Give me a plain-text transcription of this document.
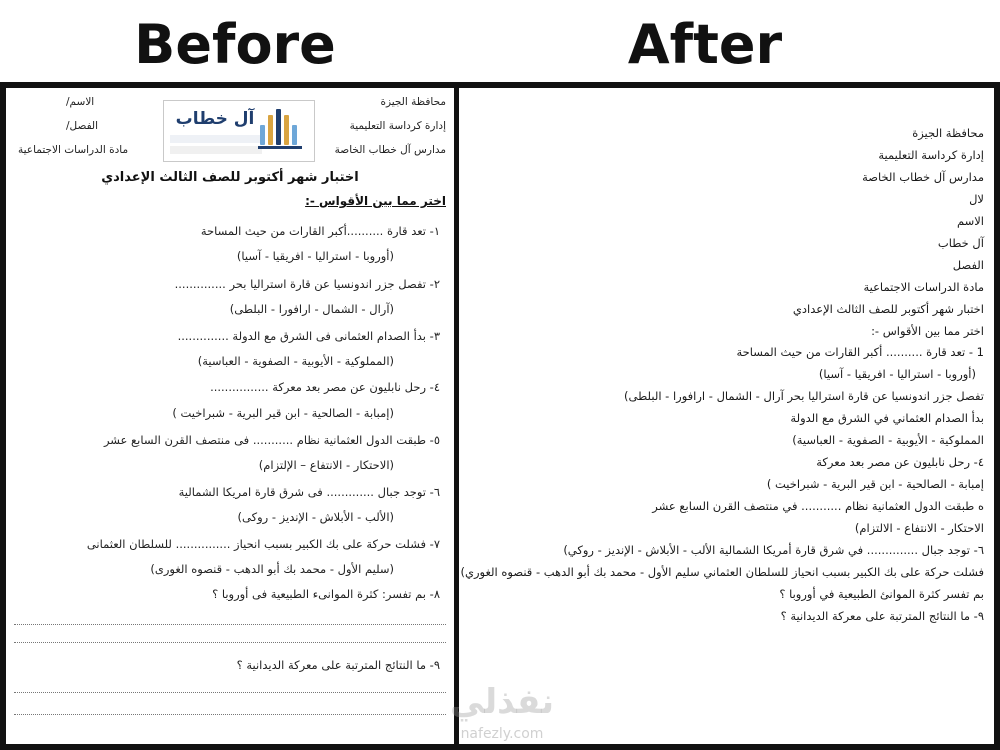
Before	After
محافظة الجيزة
إدارة كرداسة التعليمية
مدارس آل خطاب الخاصة
الاسم/
الفصل/
مادة الدراسات الاجتماعية
آل خطاب
اختبار شهر أكتوبر للصف الثالث الإعدادي
اختر مما بين الأقواس -:
١- تعد قارة ..........أكبر القارات من حيث المساحة
(أوروبا - استراليا - افريقيا - آسيا)
٢- تفصل جزر اندونسيا عن قارة استراليا بحر ..............
(آرال - الشمال - ارافورا - البلطى)
٣- بدأ الصدام العثمانى فى الشرق مع الدولة ..............
(المملوكية - الأيوبية - الصفوية - العباسية)
٤- رحل نابليون عن مصر بعد معركة ................
(إمبابة - الصالحية - ابن قير البرية - شبراخيت )
٥- طبقت الدول العثمانية نظام ........... فى منتصف القرن السابع عشر
(الاحتكار - الانتفاع – الإلتزام)
٦- توجد جبال ............. فى شرق قارة امريكا الشمالية
(الألب - الأبلاش - الإنديز - روكى)
٧- فشلت حركة على بك الكبير بسبب انحياز ............... للسلطان العثمانى
(سليم الأول - محمد بك أبو الدهب - قنصوه الغورى)
٨- بم تفسر: كثرة الموانىء الطبيعية فى أوروبا ؟
٩- ما النتائج المترتبة على معركة الديدانية ؟
محافظة الجيزة
إدارة كرداسة التعليمية
مدارس آل خطاب الخاصة
لال
الاسم
آل خطاب
الفصل
مادة الدراسات الاجتماعية
اختبار شهر أكتوبر للصف الثالث الإعدادي
اختر مما بين الأقواس -:
1 - تعد قارة .......... أكبر القارات من حيث المساحة
(أوروبا - استراليا - افريقيا - آسيا)
تفصل جزر اندونسيا عن قارة استراليا بحر آرال - الشمال - ارافورا - البلطى)
بدأ الصدام العثماني في الشرق مع الدولة
المملوكية - الأيوبية - الصفوية - العباسية)
٤- رحل نابليون عن مصر بعد معركة
إمبابة - الصالحية - ابن قير البرية - شبراخيت )
ه طبقت الدول العثمانية نظام ........... في منتصف القرن السابع عشر
الاحتكار - الانتفاع - الالتزام)
٦- توجد جبال .............. في شرق قارة أمريكا الشمالية الألب - الأبلاش - الإنديز - روكي)
فشلت حركة على بك الكبير بسبب انحياز للسلطان العثماني سليم الأول - محمد بك أبو الدهب - قنصوه الغوري)
بم تفسر كثرة الموانئ الطبيعية في أوروبا ؟
٩- ما النتائج المترتبة على معركة الديدانية ؟
نفذلي
nafezly.com
